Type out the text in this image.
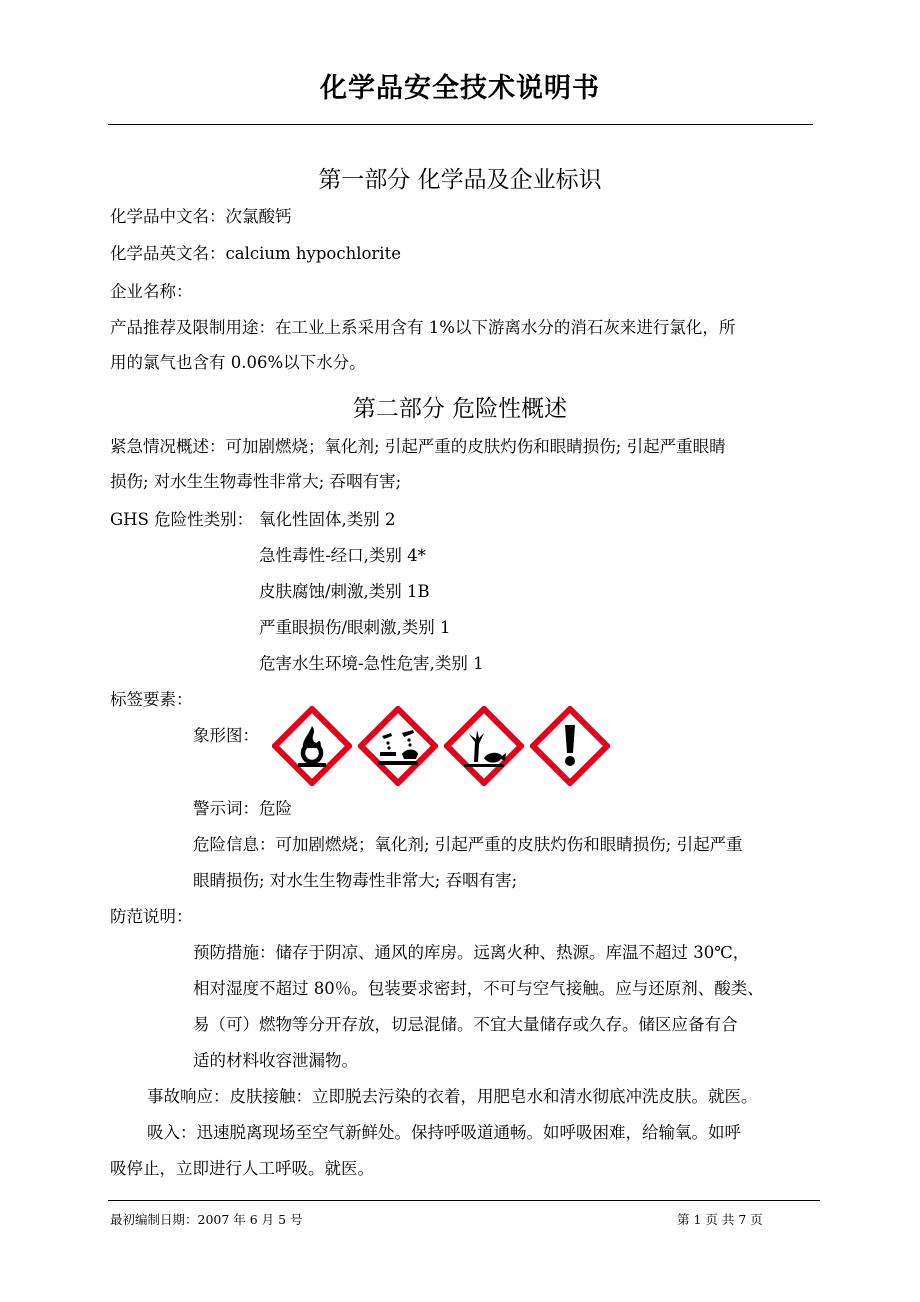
化学品安全技术说明书
第一部分 化学品及企业标识
化学品中文名：次氯酸钙
化学品英文名：calcium hypochlorite
企业名称：
产品推荐及限制用途：在工业上系采用含有 1%以下游离水分的消石灰来进行氯化，所
用的氯气也含有 0.06%以下水分。
第二部分 危险性概述
紧急情况概述：可加剧燃烧；氧化剂; 引起严重的皮肤灼伤和眼睛损伤; 引起严重眼睛
损伤; 对水生生物毒性非常大; 吞咽有害;
GHS 危险性类别： 氧化性固体,类别 2
急性毒性-经口,类别 4*
皮肤腐蚀/刺激,类别 1B
严重眼损伤/眼刺激,类别 1
危害水生环境-急性危害,类别 1
标签要素：
象形图：
警示词：危险
危险信息：可加剧燃烧；氧化剂; 引起严重的皮肤灼伤和眼睛损伤; 引起严重
眼睛损伤; 对水生生物毒性非常大; 吞咽有害;
防范说明：
预防措施：储存于阴凉、通风的库房。远离火种、热源。库温不超过 30℃，
相对湿度不超过 80％。包装要求密封，不可与空气接触。应与还原剂、酸类、
易（可）燃物等分开存放，切忌混储。不宜大量储存或久存。储区应备有合
适的材料收容泄漏物。
事故响应：皮肤接触：立即脱去污染的衣着，用肥皂水和清水彻底冲洗皮肤。就医。
吸入：迅速脱离现场至空气新鲜处。保持呼吸道通畅。如呼吸困难，给输氧。如呼
吸停止，立即进行人工呼吸。就医。
最初编制日期：2007 年 6 月 5 号	第 1 页 共 7 页
